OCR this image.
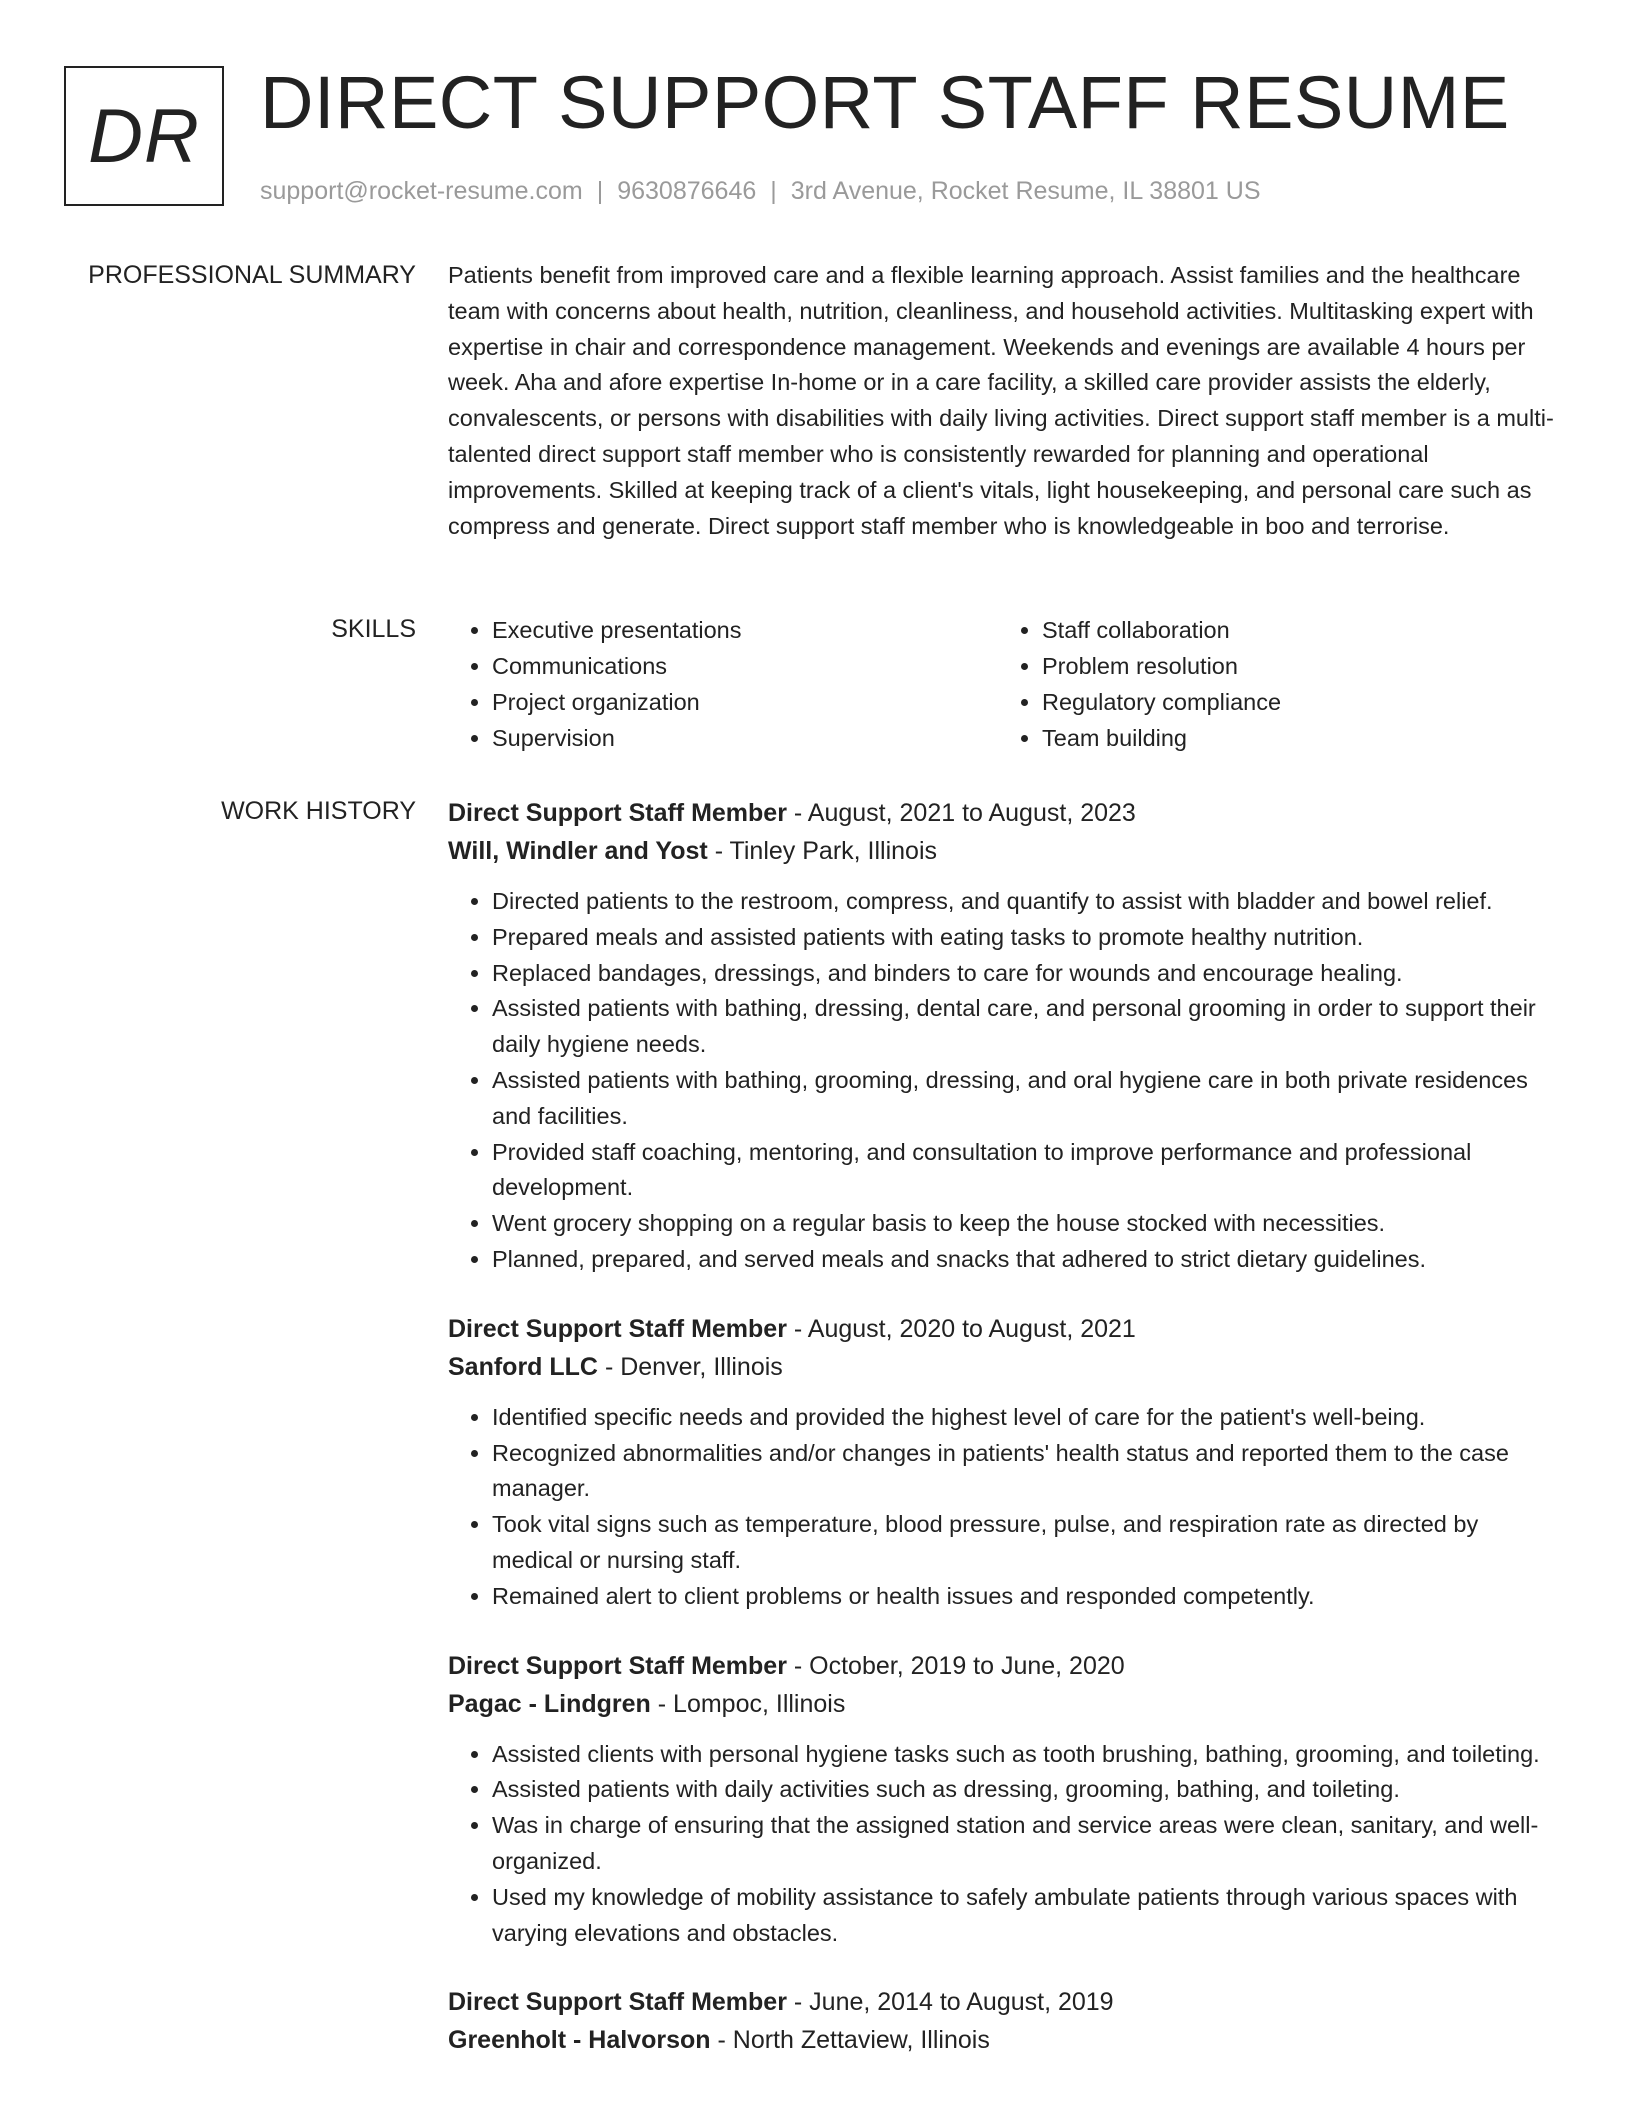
DR DIRECT SUPPORT STAFF RESUME
support@rocket-resume.com | 9630876646 | 3rd Avenue, Rocket Resume, IL 38801 US
PROFESSIONAL SUMMARY Patients benefit from improved care and a flexible learning approach. Assist families and the healthcare team with concerns about health, nutrition, cleanliness, and household activities. Multitasking expert with expertise in chair and correspondence management. Weekends and evenings are available 4 hours per week. Aha and afore expertise In-home or in a care facility, a skilled care provider assists the elderly, convalescents, or persons with disabilities with daily living activities. Direct support staff member is a multi-talented direct support staff member who is consistently rewarded for planning and operational improvements. Skilled at keeping track of a client's vitals, light housekeeping, and personal care such as compress and generate. Direct support staff member who is knowledgeable in boo and terrorise.

SKILLS
•	Executive presentations
• Communications
• Project organization
• Supervision
• Staff collaboration
• Problem resolution
• Regulatory compliance
• Team building
WORK HISTORY Direct Support Staff Member - August, 2021 to August, 2023
Will, Windler and Yost - Tinley Park, Illinois
• Directed patients to the restroom, compress, and quantify to assist with bladder and bowel relief.
• Prepared meals and assisted patients with eating tasks to promote healthy nutrition.
• Replaced bandages, dressings, and binders to care for wounds and encourage healing.
• Assisted patients with bathing, dressing, dental care, and personal grooming in order to support their daily hygiene needs.
• Assisted patients with bathing, grooming, dressing, and oral hygiene care in both private residences and facilities.
• Provided staff coaching, mentoring, and consultation to improve performance and professional development.
• Went grocery shopping on a regular basis to keep the house stocked with necessities.
• Planned, prepared, and served meals and snacks that adhered to strict dietary guidelines.
Direct Support Staff Member - August, 2020 to August, 2021
Sanford LLC - Denver, Illinois
• Identified specific needs and provided the highest level of care for the patient's well-being.
• Recognized abnormalities and/or changes in patients' health status and reported them to the case manager.
• Took vital signs such as temperature, blood pressure, pulse, and respiration rate as directed by medical or nursing staff.
• Remained alert to client problems or health issues and responded competently.
Direct Support Staff Member - October, 2019 to June, 2020
Pagac - Lindgren - Lompoc, Illinois
• Assisted clients with personal hygiene tasks such as tooth brushing, bathing, grooming, and toileting.
• Assisted patients with daily activities such as dressing, grooming, bathing, and toileting.
• Was in charge of ensuring that the assigned station and service areas were clean, sanitary, and well-organized.
• Used my knowledge of mobility assistance to safely ambulate patients through various spaces with varying elevations and obstacles.
Direct Support Staff Member - June, 2014 to August, 2019
Greenholt - Halvorson - North Zettaview, Illinois
